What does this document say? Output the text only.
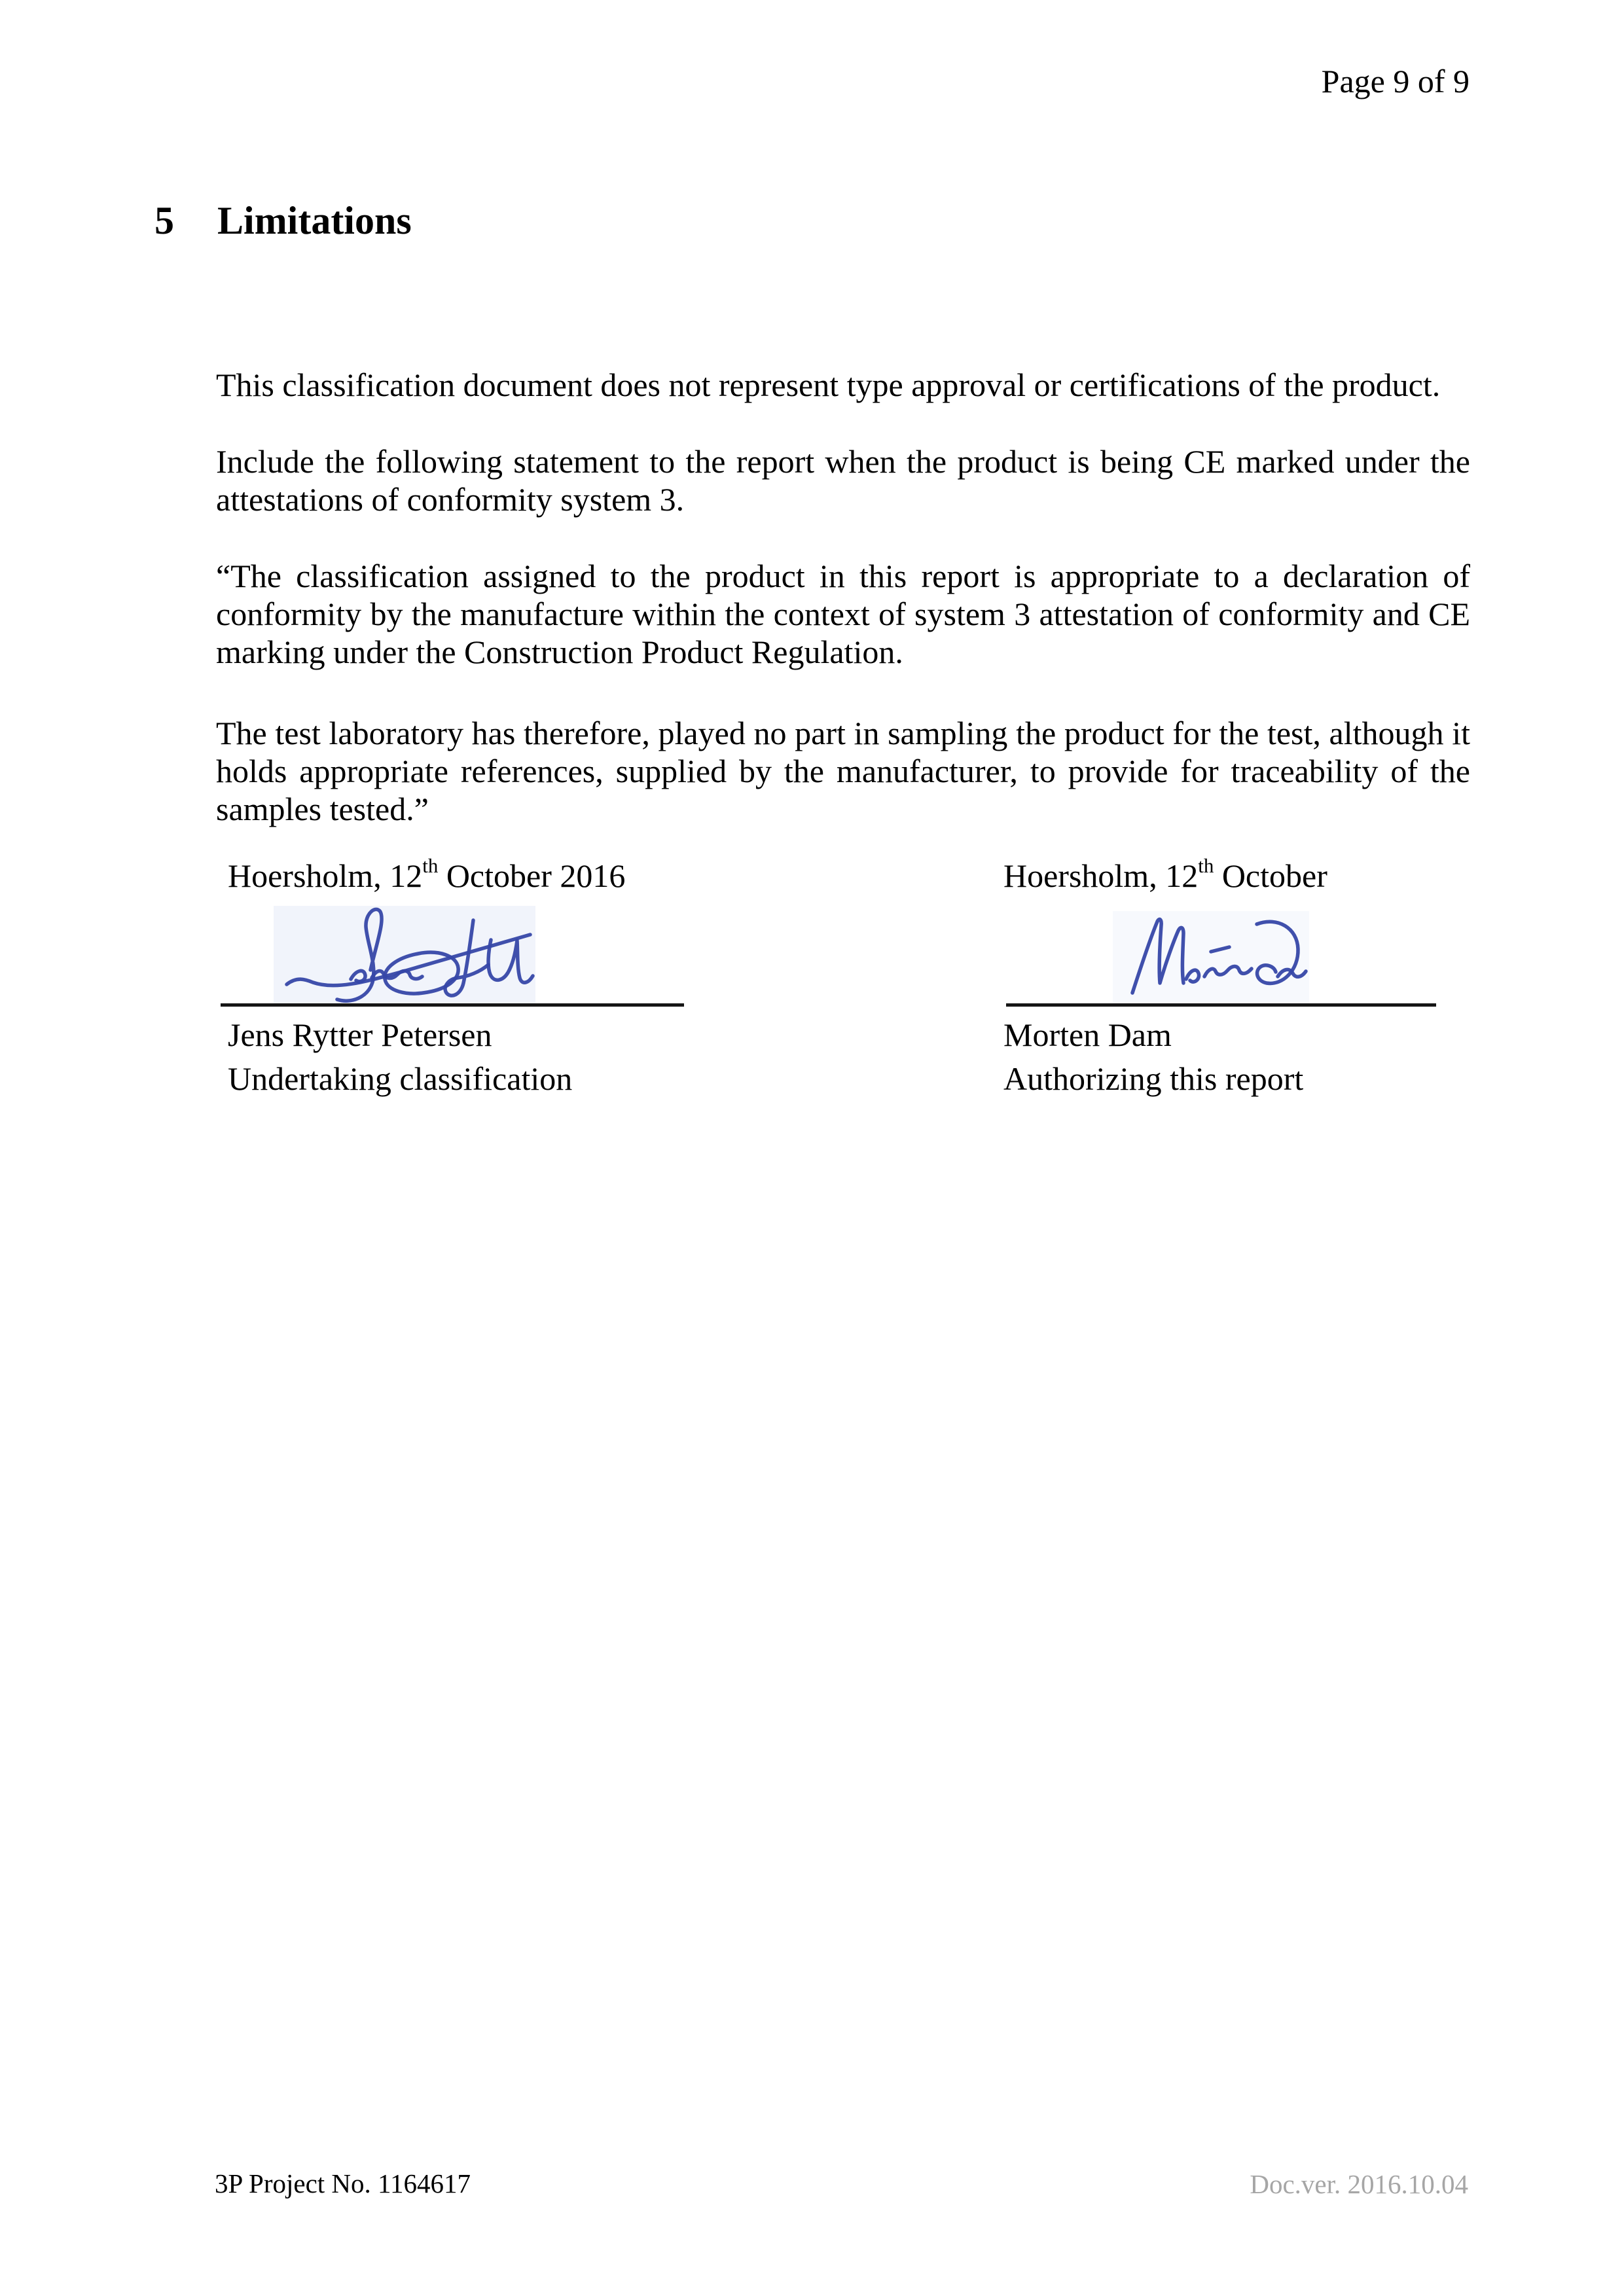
Page 9 of 9
5 Limitations

This classification document does not represent type approval or certifications of the product.

Include the following statement to the report when the product is being CE marked under the attestations of conformity system 3.

“The classification assigned to the product in this report is appropriate to a declaration of conformity by the manufacture within the context of system 3 attestation of conformity and CE marking under the Construction Product Regulation.

The test laboratory has therefore, played no part in sampling the product for the test, although it holds appropriate references, supplied by the manufacturer, to provide for traceability of the samples tested.”

Hoersholm, 12th October 2016
Jens Rytter Petersen
Undertaking classification
Hoersholm, 12th October
Morten Dam
Authorizing this report
3P Project No. 1164617	Doc.ver. 2016.10.04
